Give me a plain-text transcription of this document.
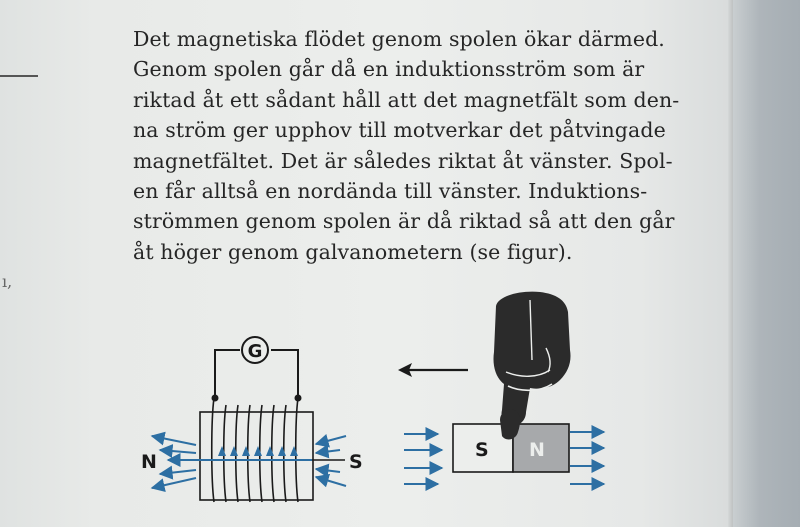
ı,

Det magnetiska flödet genom spolen ökar därmed.
Genom spolen går då en induktionsström som är
riktad åt ett sådant håll att det magnetfält som den-
na ström ger upphov till motverkar det påtvingade
magnetfältet. Det är således riktat åt vänster. Spol-
en får alltså en nordända till vänster. Induktions-
strömmen genom spolen är då riktad så att den går
åt höger genom galvanometern (se figur).

G
N	S
S N
